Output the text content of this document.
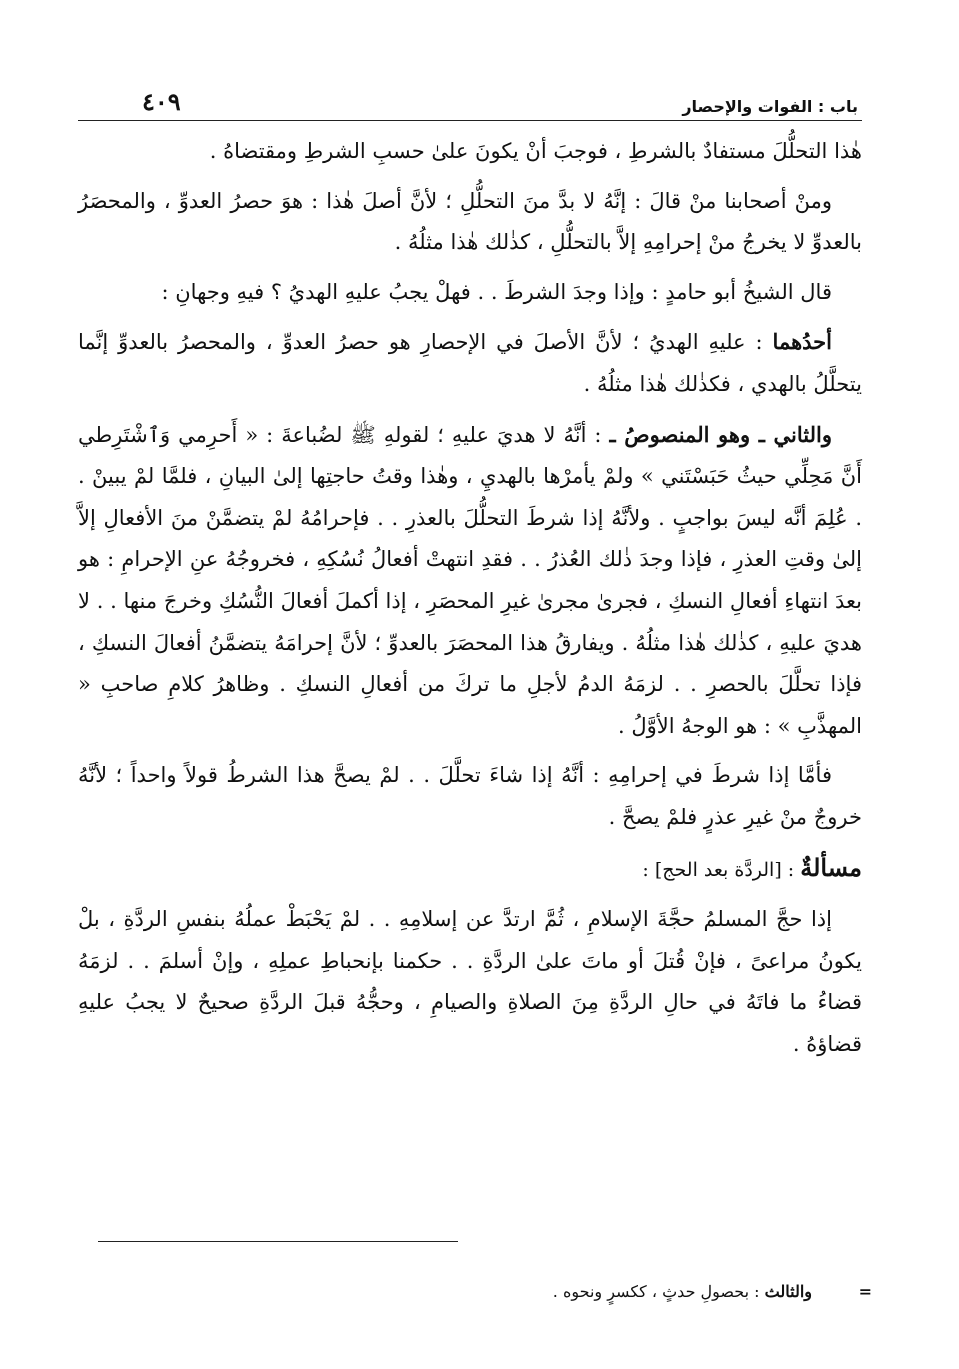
باب : الفوات والإحصار
٤٠٩

هٰذا التحلُّلَ مستفادٌ بالشرطِ ، فوجبَ أنْ يكونَ علىٰ حسبِ الشرطِ ومقتضاهُ .

ومنْ أصحابنا منْ قالَ : إنَّهُ لا بدَّ منَ التحلُّلِ ؛ لأنَّ أصلَ هٰذا : هوَ حصرُ العدوِّ ، والمحصَرُ بالعدوِّ لا يخرجُ منْ إحرامِهِ إلاَّ بالتحلُّلِ ، كذٰلك هٰذا مثلُهُ .

قال الشيخُ أبو حامدٍ : وإذا وجدَ الشرطَ . . فهلْ يجبُ عليهِ الهديُ ؟ فيهِ وجهانِ :

أحدُهما : عليهِ الهديُ ؛ لأنَّ الأصلَ في الإحصارِ هو حصرُ العدوِّ ، والمحصرُ بالعدوِّ إنَّما يتحلَّلُ بالهدي ، فكذٰلك هٰذا مثلُهُ .

والثاني ـ وهو المنصوصُ ـ : أنَّهُ لا هديَ عليهِ ؛ لقولهِ ﷺ لضُباعةَ : « أَحرِمي وَٱشْتَرِطي أَنَّ مَحِلِّي حيثُ حَبَسْتَني » ولمْ يأمرْها بالهديِ ، وهٰذا وقتُ حاجتِها إلىٰ البيانِ ، فلمَّا لمْ يبينْ . . عُلِمَ أنَّه ليسَ بواجبٍ . ولأنَّهُ إذا شرطَ التحلُّلَ بالعذرِ . . فإحرامُهُ لمْ يتضمَّنْ منَ الأفعالِ إلاَّ إلىٰ وقتِ العذرِ ، فإذا وجدَ ذٰلك العُذرُ . . فقدِ انتهتْ أفعالُ نُسُكِهِ ، فخروجُهُ عنِ الإحرامِ : هو بعدَ انتهاءِ أفعالِ النسكِ ، فجرىٰ مجرىٰ غيرِ المحصَرِ ، إذا أكملَ أفعالَ النُّسُكِ وخرجَ منها . . لا هديَ عليهِ ، كذٰلك هٰذا مثلُهُ . ويفارقُ هذا المحصَرَ بالعدوِّ ؛ لأنَّ إحرامَهُ يتضمَّنُ أفعالَ النسكِ ، فإذا تحلَّلَ بالحصرِ . . لزمَهُ الدمُ لأجلِ ما تركَ من أفعالِ النسكِ . وظاهرُ كلامِ صاحبِ « المهذَّبِ » : هو الوجهُ الأوَّلُ .

فأمَّا إذا شرطَ في إحرامِهِ : أنَّهُ إذا شاءَ تحلَّلَ . . لمْ يصحَّ هذا الشرطُ قولاً واحداً ؛ لأنَّهُ خروجٌ منْ غيرِ عذرٍ فلمْ يصحَّ .

مسألةٌ : [الردَّة بعد الحج] :

إذا حجَّ المسلمُ حجَّةَ الإسلامِ ، ثُمَّ ارتدَّ عن إسلامِهِ . . لمْ يَحْبَطْ عملُهُ بنفسِ الردَّةِ ، بلْ يكونُ مراعىً ، فإنْ قُتلَ أو ماتَ علىٰ الردَّةِ . . حكمنا بإنحباطِ عملِهِ ، وإنْ أسلمَ . . لزمَهُ قضاءُ ما فاتَهُ في حالِ الردَّةِ مِنَ الصلاةِ والصيامِ ، وحجُّهُ قبلَ الردَّةِ صحيحٌ لا يجبُ عليهِ قضاؤهُ .

=
والثالث : بحصولِ حدثٍ ، ككسرٍ ونحوه .
